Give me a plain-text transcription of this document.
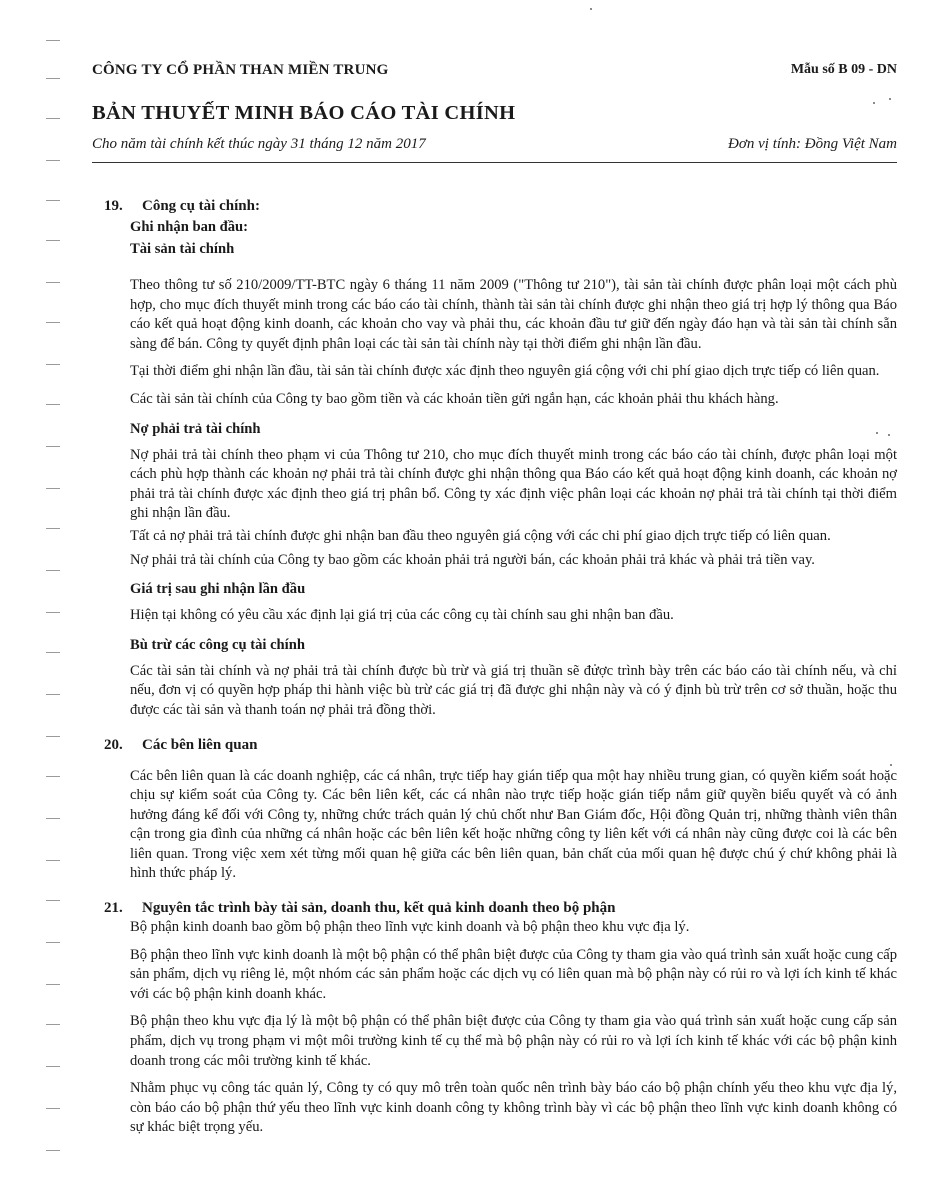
CÔNG TY CỔ PHẦN THAN MIỀN TRUNG	Mẫu số B 09 - DN
BẢN THUYẾT MINH BÁO CÁO TÀI CHÍNH
Cho năm tài chính kết thúc ngày 31 tháng 12 năm 2017	Đơn vị tính: Đồng Việt Nam
19. Công cụ tài chính:
Ghi nhận ban đầu:
Tài sản tài chính

Theo thông tư số 210/2009/TT-BTC ngày 6 tháng 11 năm 2009 ("Thông tư 210"), tài sản tài chính được phân loại một cách phù hợp, cho mục đích thuyết minh trong các báo cáo tài chính, thành tài sản tài chính được ghi nhận theo giá trị hợp lý thông qua Báo cáo kết quả hoạt động kinh doanh, các khoản cho vay và phải thu, các khoản đầu tư giữ đến ngày đáo hạn và tài sản tài chính sẵn sàng để bán. Công ty quyết định phân loại các tài sản tài chính này tại thời điểm ghi nhận lần đầu.

Tại thời điểm ghi nhận lần đầu, tài sản tài chính được xác định theo nguyên giá cộng với chi phí giao dịch trực tiếp có liên quan.

Các tài sản tài chính của Công ty bao gồm tiền và các khoản tiền gửi ngắn hạn, các khoản phải thu khách hàng.

Nợ phải trả tài chính

Nợ phải trả tài chính theo phạm vi của Thông tư 210, cho mục đích thuyết minh trong các báo cáo tài chính, được phân loại một cách phù hợp thành các khoản nợ phải trả tài chính được ghi nhận thông qua Báo cáo kết quả hoạt động kinh doanh, các khoản nợ phải trả tài chính được xác định theo giá trị phân bổ. Công ty xác định việc phân loại các khoản nợ phải trả tài chính tại thời điểm ghi nhận lần đầu.

Tất cả nợ phải trả tài chính được ghi nhận ban đầu theo nguyên giá cộng với các chi phí giao dịch trực tiếp có liên quan.

Nợ phải trả tài chính của Công ty bao gồm các khoản phải trả người bán, các khoản phải trả khác và phải trả tiền vay.

Giá trị sau ghi nhận lần đầu

Hiện tại không có yêu cầu xác định lại giá trị của các công cụ tài chính sau ghi nhận ban đầu.

Bù trừ các công cụ tài chính

Các tài sản tài chính và nợ phải trả tài chính được bù trừ và giá trị thuần sẽ được trình bày trên các báo cáo tài chính nếu, và chỉ nếu, đơn vị có quyền hợp pháp thi hành việc bù trừ các giá trị đã được ghi nhận này và có ý định bù trừ trên cơ sở thuần, hoặc thu được các tài sản và thanh toán nợ phải trả đồng thời.

20. Các bên liên quan

Các bên liên quan là các doanh nghiệp, các cá nhân, trực tiếp hay gián tiếp qua một hay nhiều trung gian, có quyền kiểm soát hoặc chịu sự kiểm soát của Công ty. Các bên liên kết, các cá nhân nào trực tiếp hoặc gián tiếp nắm giữ quyền biểu quyết và có ảnh hưởng đáng kể đối với Công ty, những chức trách quản lý chủ chốt như Ban Giám đốc, Hội đồng Quản trị, những thành viên thân cận trong gia đình của những cá nhân hoặc các bên liên kết hoặc những công ty liên kết với cá nhân này cũng được coi là các bên liên quan. Trong việc xem xét từng mối quan hệ giữa các bên liên quan, bản chất của mối quan hệ được chú ý chứ không phải là hình thức pháp lý.

21. Nguyên tắc trình bày tài sản, doanh thu, kết quả kinh doanh theo bộ phận

Bộ phận kinh doanh bao gồm bộ phận theo lĩnh vực kinh doanh và bộ phận theo khu vực địa lý.

Bộ phận theo lĩnh vực kinh doanh là một bộ phận có thể phân biệt được của Công ty tham gia vào quá trình sản xuất hoặc cung cấp sản phẩm, dịch vụ riêng lẻ, một nhóm các sản phẩm hoặc các dịch vụ có liên quan mà bộ phận này có rủi ro và lợi ích kinh tế khác với các bộ phận kinh doanh khác.

Bộ phận theo khu vực địa lý là một bộ phận có thể phân biệt được của Công ty tham gia vào quá trình sản xuất hoặc cung cấp sản phẩm, dịch vụ trong phạm vi một môi trường kinh tế cụ thể mà bộ phận này có rủi ro và lợi ích kinh tế khác với các bộ phận kinh doanh trong các môi trường kinh tế khác.

Nhằm phục vụ công tác quản lý, Công ty có quy mô trên toàn quốc nên trình bày báo cáo bộ phận chính yếu theo khu vực địa lý, còn báo cáo bộ phận thứ yếu theo lĩnh vực kinh doanh công ty không trình bày vì các bộ phận theo lĩnh vực kinh doanh không có sự khác biệt trọng yếu.
